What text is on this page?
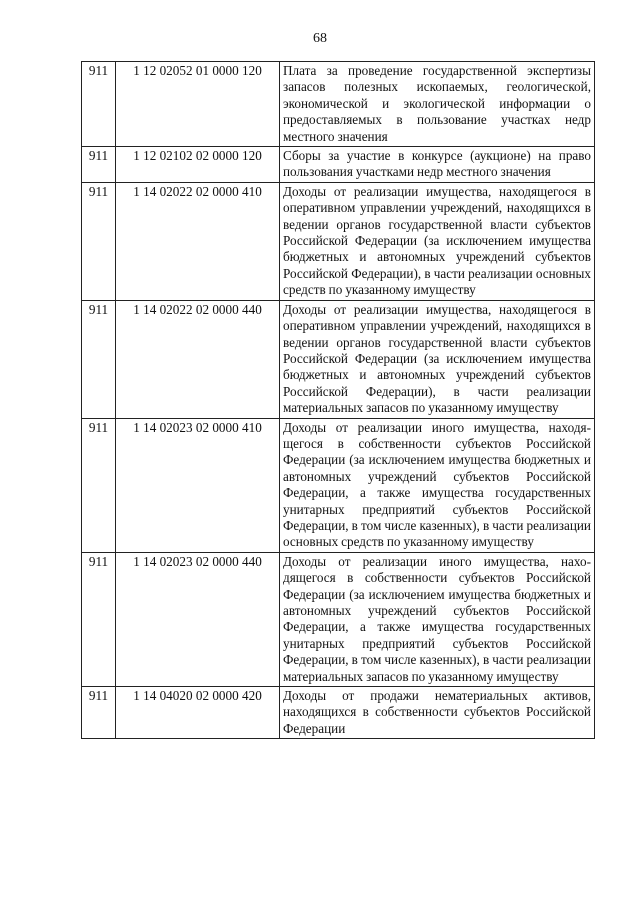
68
911	1 12 02052 01 0000 120	Плата за проведение государственной экспертизы запасов полезных ископаемых, геологической, экономической и экологической информации о предоставляемых в пользование участках недр местного значения
911	1 12 02102 02 0000 120	Сборы за участие в конкурсе (аукционе) на право пользования участками недр местного значения
911	1 14 02022 02 0000 410	Доходы от реализации имущества, находящегося в оперативном управлении учреждений, находящихся в ведении органов государственной власти субъектов Российской Федерации (за исключением имущества бюджетных и автономных учреждений субъектов Российской Федерации), в части реализации основных средств по указанному имуществу
911	1 14 02022 02 0000 440	Доходы от реализации имущества, находящегося в оперативном управлении учреждений, находящихся в ведении органов государственной власти субъектов Российской Федерации (за исключением имущества бюджетных и автономных учреждений субъектов Российской Федерации), в части реализации материальных запасов по указанному имуществу
911	1 14 02023 02 0000 410	Доходы от реализации иного имущества, находящегося в собственности субъектов Российской Федерации (за исключением имущества бюджетных и автономных учреждений субъектов Российской Федерации, а также имущества государственных унитарных предприятий субъектов Российской Федерации, в том числе казенных), в части реализации основных средств по указанному имуществу
911	1 14 02023 02 0000 440	Доходы от реализации иного имущества, находящегося в собственности субъектов Российской Федерации (за исключением имущества бюджетных и автономных учреждений субъектов Российской Федерации, а также имущества государственных унитарных предприятий субъектов Российской Федерации, в том числе казенных), в части реализации материальных запасов по указанному имуществу
911	1 14 04020 02 0000 420	Доходы от продажи нематериальных активов, находящихся в собственности субъектов Российской Федерации
